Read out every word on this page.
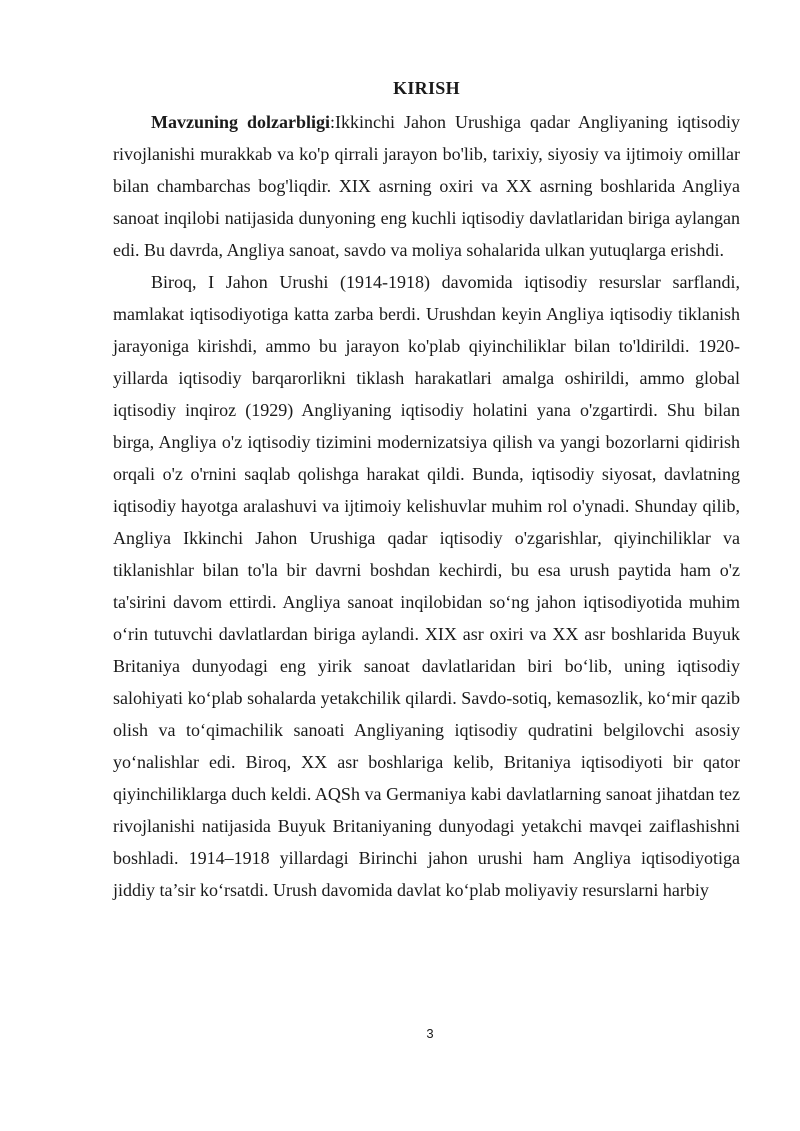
KIRISH

Mavzuning dolzarbligi:Ikkinchi Jahon Urushiga qadar Angliyaning iqtisodiy rivojlanishi murakkab va ko'p qirrali jarayon bo'lib, tarixiy, siyosiy va ijtimoiy omillar bilan chambarchas bog'liqdir. XIX asrning oxiri va XX asrning boshlarida Angliya sanoat inqilobi natijasida dunyoning eng kuchli iqtisodiy davlatlaridan biriga aylangan edi. Bu davrda, Angliya sanoat, savdo va moliya sohalarida ulkan yutuqlarga erishdi.

Biroq, I Jahon Urushi (1914-1918) davomida iqtisodiy resurslar sarflandi, mamlakat iqtisodiyotiga katta zarba berdi. Urushdan keyin Angliya iqtisodiy tiklanish jarayoniga kirishdi, ammo bu jarayon ko'plab qiyinchiliklar bilan to'ldirildi. 1920-yillarda iqtisodiy barqarorlikni tiklash harakatlari amalga oshirildi, ammo global iqtisodiy inqiroz (1929) Angliyaning iqtisodiy holatini yana o'zgartirdi. Shu bilan birga, Angliya o'z iqtisodiy tizimini modernizatsiya qilish va yangi bozorlarni qidirish orqali o'z o'rnini saqlab qolishga harakat qildi. Bunda, iqtisodiy siyosat, davlatning iqtisodiy hayotga aralashuvi va ijtimoiy kelishuvlar muhim rol o'ynadi. Shunday qilib, Angliya Ikkinchi Jahon Urushiga qadar iqtisodiy o'zgarishlar, qiyinchiliklar va tiklanishlar bilan to'la bir davrni boshdan kechirdi, bu esa urush paytida ham o'z ta'sirini davom ettirdi. Angliya sanoat inqilobidan so‘ng jahon iqtisodiyotida muhim o‘rin tutuvchi davlatlardan biriga aylandi. XIX asr oxiri va XX asr boshlarida Buyuk Britaniya dunyodagi eng yirik sanoat davlatlaridan biri bo‘lib, uning iqtisodiy salohiyati ko‘plab sohalarda yetakchilik qilardi. Savdo-sotiq, kemasozlik, ko‘mir qazib olish va to‘qimachilik sanoati Angliyaning iqtisodiy qudratini belgilovchi asosiy yo‘nalishlar edi. Biroq, XX asr boshlariga kelib, Britaniya iqtisodiyoti bir qator qiyinchiliklarga duch keldi. AQSh va Germaniya kabi davlatlarning sanoat jihatdan tez rivojlanishi natijasida Buyuk Britaniyaning dunyodagi yetakchi mavqei zaiflashishni boshladi. 1914–1918 yillardagi Birinchi jahon urushi ham Angliya iqtisodiyotiga jiddiy ta’sir ko‘rsatdi. Urush davomida davlat ko‘plab moliyaviy resurslarni harbiy

3
